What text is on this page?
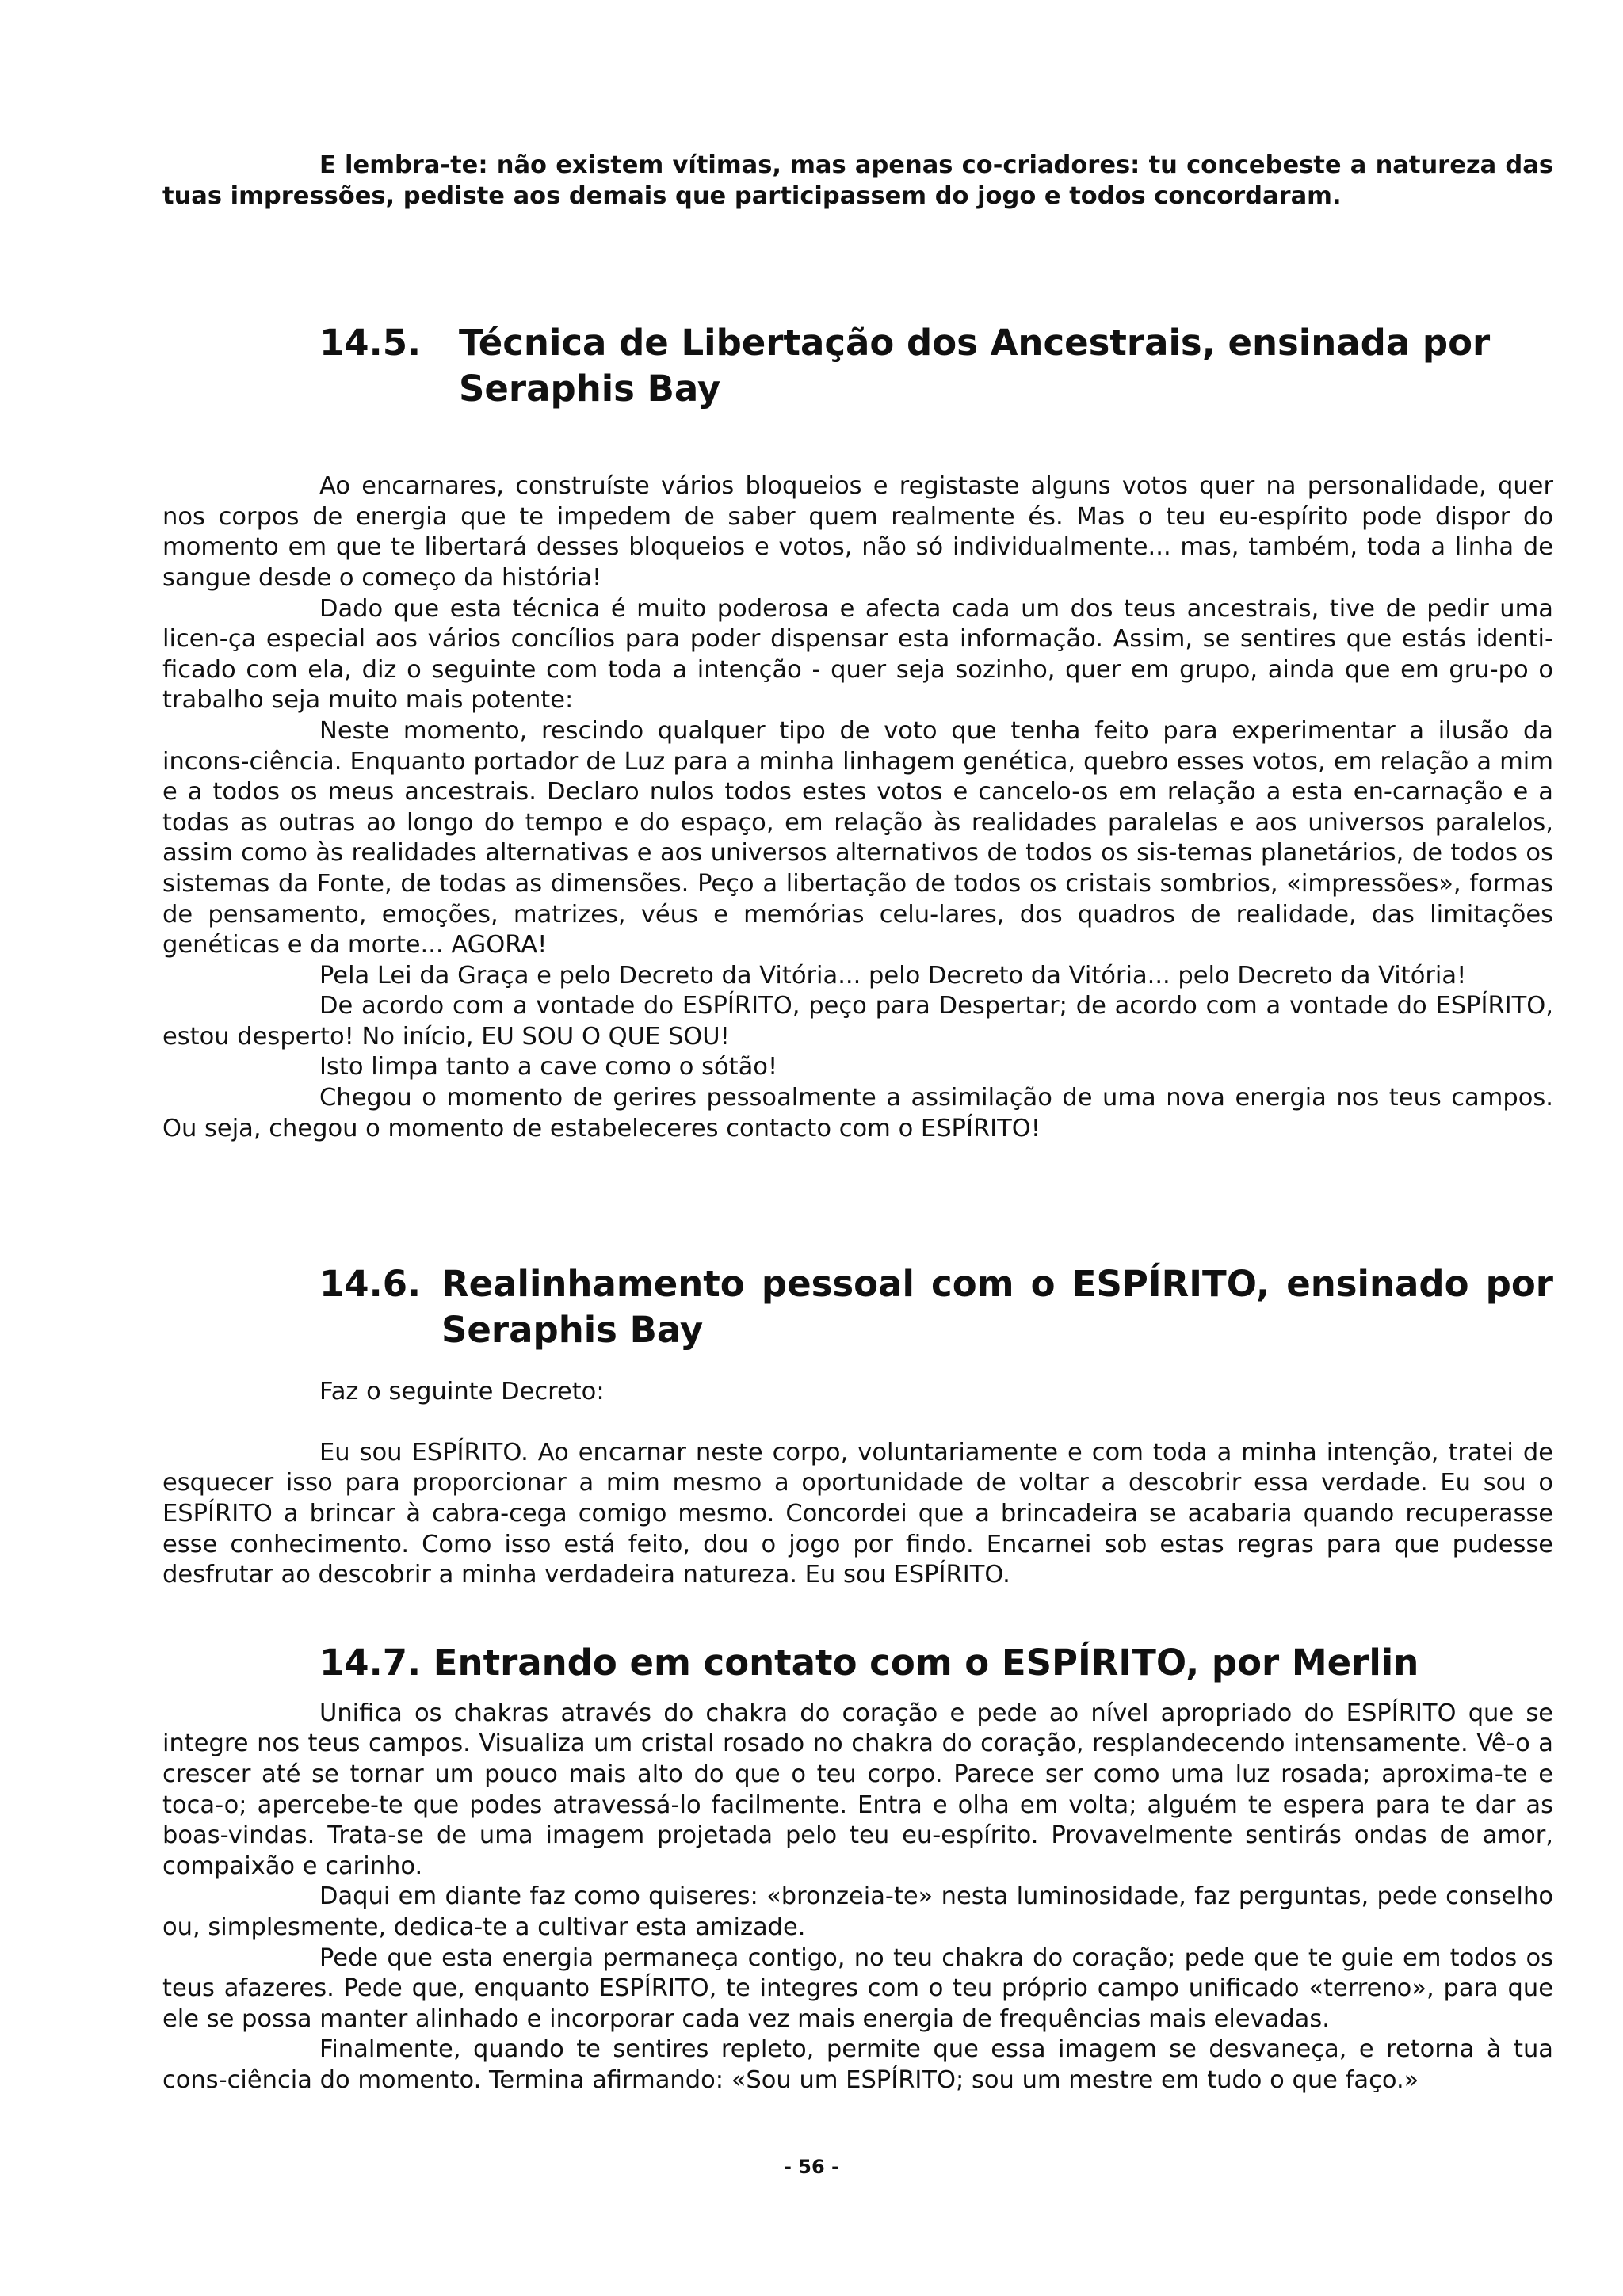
E lembra-te: não existem vítimas, mas apenas co-criadores: tu concebeste a natureza das tuas impressões, pediste aos demais que participassem do jogo e todos concordaram.

14.5.	Técnica de Libertação dos Ancestrais, ensinada por Seraphis Bay

Ao encarnares, construíste vários bloqueios e registaste alguns votos quer na personalidade, quer nos corpos de energia que te impedem de saber quem realmente és. Mas o teu eu-espírito pode dispor do momento em que te libertará desses bloqueios e votos, não só individualmente... mas, também, toda a linha de sangue desde o começo da história!

Dado que esta técnica é muito poderosa e afecta cada um dos teus ancestrais, tive de pedir uma licen-ça especial aos vários concílios para poder dispensar esta informação. Assim, se sentires que estás identi-ficado com ela, diz o seguinte com toda a intenção - quer seja sozinho, quer em grupo, ainda que em gru-po o trabalho seja muito mais potente:

Neste momento, rescindo qualquer tipo de voto que tenha feito para experimentar a ilusão da incons-ciência. Enquanto portador de Luz para a minha linhagem genética, quebro esses votos, em relação a mim e a todos os meus ancestrais. Declaro nulos todos estes votos e cancelo-os em relação a esta en-carnação e a todas as outras ao longo do tempo e do espaço, em relação às realidades paralelas e aos universos paralelos, assim como às realidades alternativas e aos universos alternativos de todos os sis-temas planetários, de todos os sistemas da Fonte, de todas as dimensões. Peço a libertação de todos os cristais sombrios, «impressões», formas de pensamento, emoções, matrizes, véus e memórias celu-lares, dos quadros de realidade, das limitações genéticas e da morte... AGORA!

Pela Lei da Graça e pelo Decreto da Vitória... pelo Decreto da Vitória... pelo Decreto da Vitória!

De acordo com a vontade do ESPÍRITO, peço para Despertar; de acordo com a vontade do ESPÍRITO, estou desperto! No início, EU SOU O QUE SOU!

Isto limpa tanto a cave como o sótão!

Chegou o momento de gerires pessoalmente a assimilação de uma nova energia nos teus campos. Ou seja, chegou o momento de estabeleceres contacto com o ESPÍRITO!

14.6. Realinhamento pessoal com o ESPÍRITO, ensinado por Seraphis Bay

Faz o seguinte Decreto:

Eu sou ESPÍRITO. Ao encarnar neste corpo, voluntariamente e com toda a minha intenção, tratei de esquecer isso para proporcionar a mim mesmo a oportunidade de voltar a descobrir essa verdade. Eu sou o ESPÍRITO a brincar à cabra-cega comigo mesmo. Concordei que a brincadeira se acabaria quando recuperasse esse conhecimento. Como isso está feito, dou o jogo por findo. Encarnei sob estas regras para que pudesse desfrutar ao descobrir a minha verdadeira natureza. Eu sou ESPÍRITO.

14.7. Entrando em contato com o ESPÍRITO, por Merlin

Unifica os chakras através do chakra do coração e pede ao nível apropriado do ESPÍRITO que se integre nos teus campos. Visualiza um cristal rosado no chakra do coração, resplandecendo intensamente. Vê-o a crescer até se tornar um pouco mais alto do que o teu corpo. Parece ser como uma luz rosada; aproxima-te e toca-o; apercebe-te que podes atravessá-lo facilmente. Entra e olha em volta; alguém te espera para te dar as boas-vindas. Trata-se de uma imagem projetada pelo teu eu-espírito. Provavelmente sentirás ondas de amor, compaixão e carinho.

Daqui em diante faz como quiseres: «bronzeia-te» nesta luminosidade, faz perguntas, pede conselho ou, simplesmente, dedica-te a cultivar esta amizade.

Pede que esta energia permaneça contigo, no teu chakra do coração; pede que te guie em todos os teus afazeres. Pede que, enquanto ESPÍRITO, te integres com o teu próprio campo unificado «terreno», para que ele se possa manter alinhado e incorporar cada vez mais energia de frequências mais elevadas.

Finalmente, quando te sentires repleto, permite que essa imagem se desvaneça, e retorna à tua cons-ciência do momento. Termina afirmando: «Sou um ESPÍRITO; sou um mestre em tudo o que faço.»

- 56 -
